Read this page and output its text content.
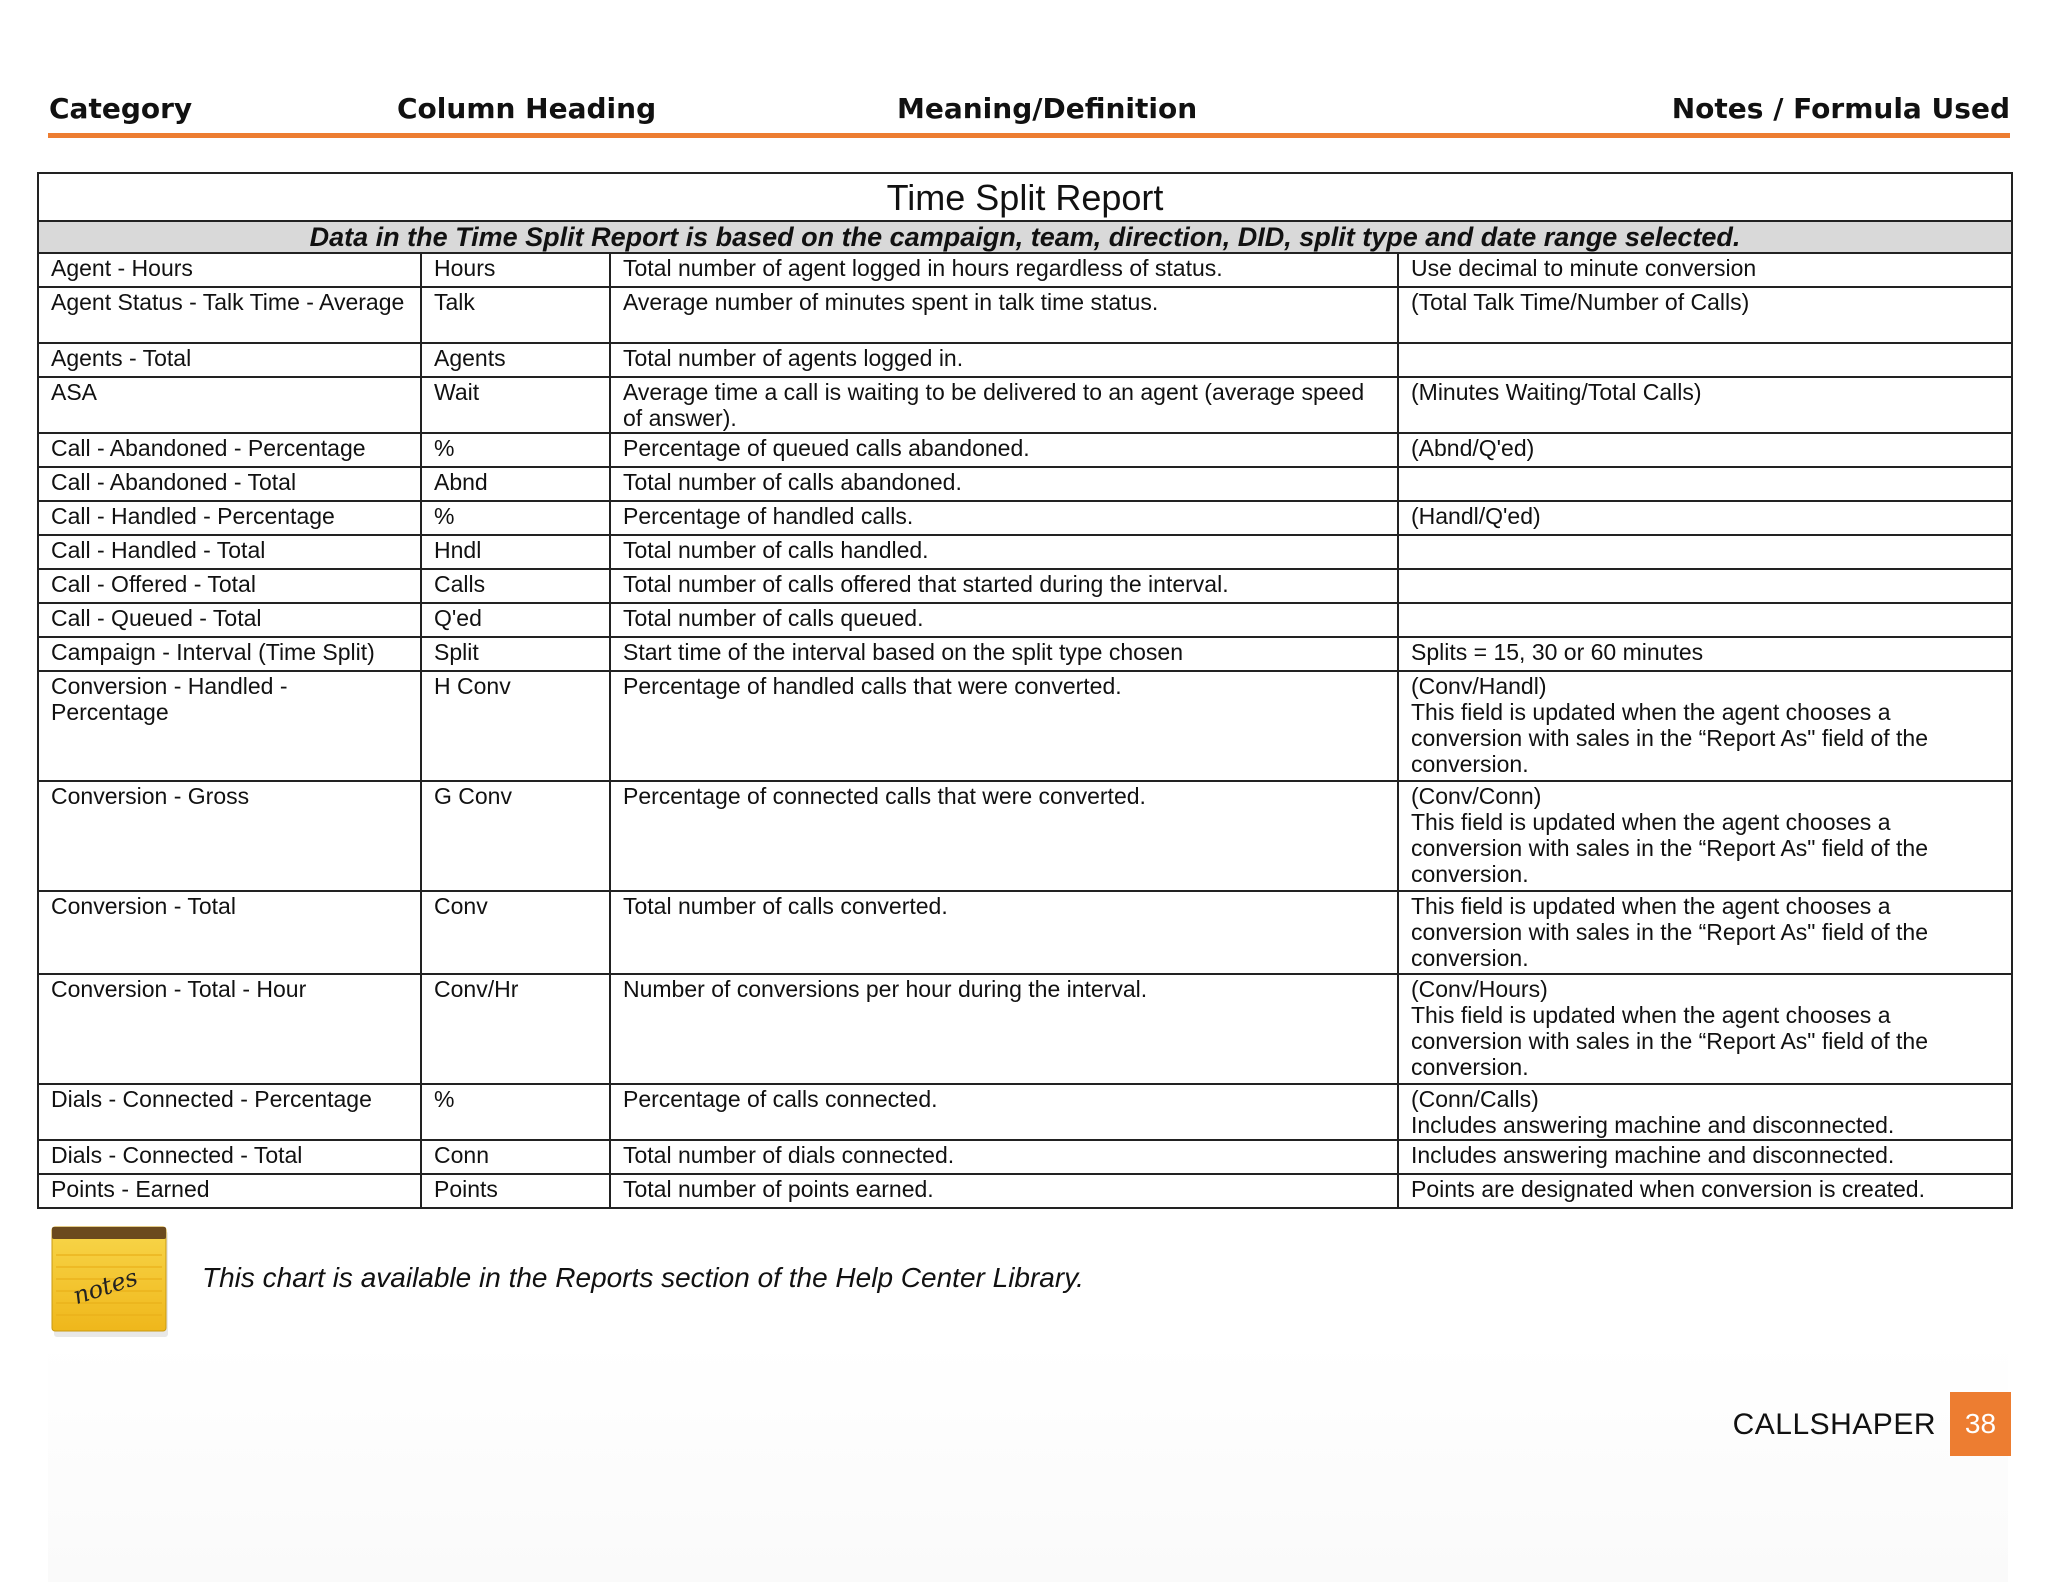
Category	Column Heading	Meaning/Definition	Notes / Formula Used
Time Split Report			
Data in the Time Split Report is based on the campaign, team, direction, DID, split type and date range selected.			
Agent - Hours	Hours	Total number of agent logged in hours regardless of status.	Use decimal to minute conversion

Agent Status - Talk Time - Average	Talk	Average number of minutes spent in talk time status.	(Total Talk Time/Number of Calls)

Agents - Total	Agents	Total number of agents logged in.	
ASA	Wait	Average time a call is waiting to be delivered to an agent (average speed of answer).	(Minutes Waiting/Total Calls)

Call - Abandoned - Percentage	%	Percentage of queued calls abandoned.	(Abnd/Q'ed)

Call - Abandoned - Total	Abnd	Total number of calls abandoned.	
Call - Handled - Percentage	%	Percentage of handled calls.	(Handl/Q'ed)

Call - Handled - Total	Hndl	Total number of calls handled.	
Call - Offered - Total	Calls	Total number of calls offered that started during the interval.	
Call - Queued - Total	Q'ed	Total number of calls queued.	
Campaign - Interval (Time Split)	Split	Start time of the interval based on the split type chosen	Splits = 15, 30 or 60 minutes

Conversion - Handled - Percentage	H Conv	Percentage of handled calls that were converted.	(Conv/Handl)
This field is updated when the agent chooses a conversion with sales in the “Report As" field of the conversion.

Conversion - Gross	G Conv	Percentage of connected calls that were converted.	(Conv/Conn)
This field is updated when the agent chooses a conversion with sales in the “Report As" field of the conversion.

Conversion - Total	Conv	Total number of calls converted.	This field is updated when the agent chooses a conversion with sales in the “Report As" field of the conversion.

Conversion - Total - Hour	Conv/Hr	Number of conversions per hour during the interval.	(Conv/Hours)
This field is updated when the agent chooses a conversion with sales in the “Report As" field of the conversion.

Dials - Connected - Percentage	%	Percentage of calls connected.	(Conn/Calls)
Includes answering machine and disconnected.

Dials - Connected - Total	Conn	Total number of dials connected.	Includes answering machine and disconnected.

Points - Earned	Points	Total number of points earned.	Points are designated when conversion is created.
notes This chart is available in the Reports section of the Help Center Library.
CALLSHAPER	38
